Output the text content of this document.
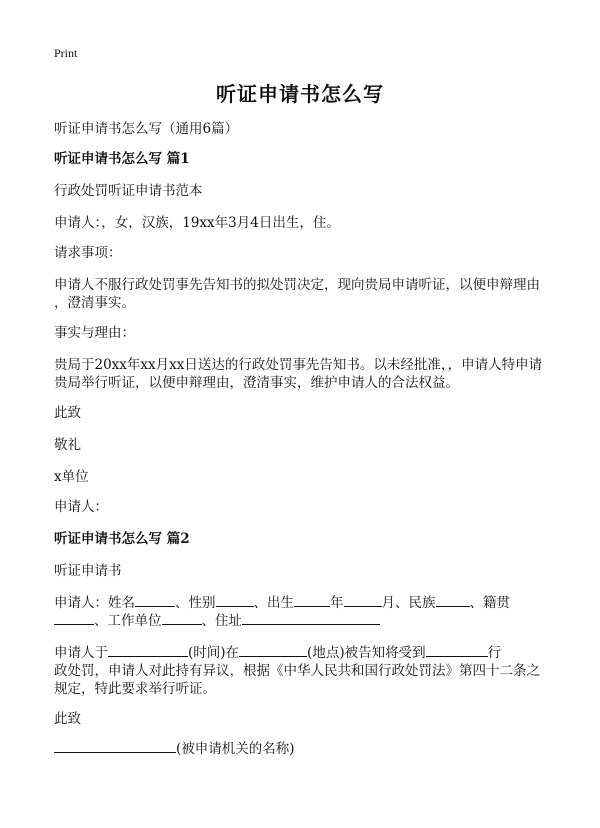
Print
听证申请书怎么写
听证申请书怎么写（通用6篇）
听证申请书怎么写 篇1
行政处罚听证申请书范本
申请人：，女，汉族，19xx年3月4日出生，住。
请求事项：
申请人不服行政处罚事先告知书的拟处罚决定，现向贵局申请听证，以便申辩理由
，澄清事实。
事实与理由：
贵局于20xx年xx月xx日送达的行政处罚事先告知书。以未经批准，，申请人特申请
贵局举行听证，以便申辩理由，澄清事实，维护申请人的合法权益。
此致
敬礼
x单位
申请人：
听证申请书怎么写 篇2
听证申请书
申请人：姓名	、性别	、出生	年	月、民族	、籍贯
、工作单位	、住址
申请人于	(时间)在	(地点)被告知将受到	行
政处罚，申请人对此持有异议，根据《中华人民共和国行政处罚法》第四十二条之
规定，特此要求举行听证。
此致
(被申请机关的名称)
